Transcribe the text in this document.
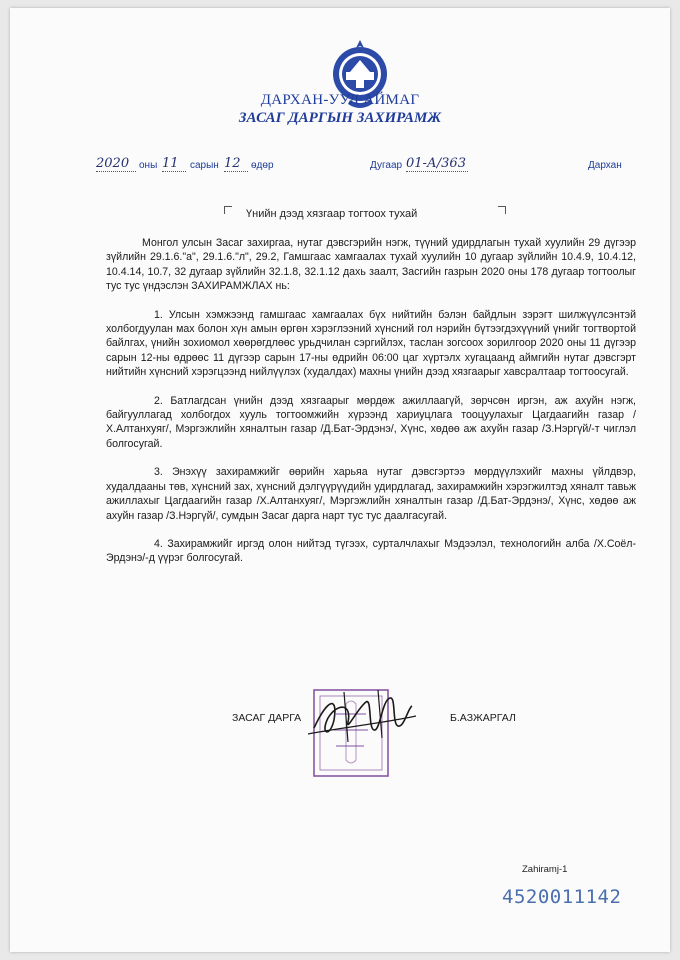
ДАРХАН-УУЛ АЙМАГ
ЗАСАГ ДАРГЫН ЗАХИРАМЖ
2020 оны 11	сарын 12	өдөр	Дугаар 01-А/363	Дархан
Үнийн дээд хязгаар тогтоох тухай

Монгол улсын Засаг захиргаа, нутаг дэвсгэрийн нэгж, түүний удирдлагын тухай хуулийн 29 дүгээр зүйлийн 29.1.6."а", 29.1.6."л", 29.2, Гамшгаас хамгаалах тухай хуулийн 10 дугаар зүйлийн 10.4.9, 10.4.12, 10.4.14, 10.7, 32 дугаар зүйлийн 32.1.8, 32.1.12 дахь заалт, Засгийн газрын 2020 оны 178 дугаар тогтоолыг тус тус үндэслэн ЗАХИРАМЖЛАХ нь:

1. Улсын хэмжээнд гамшгаас хамгаалах бүх нийтийн бэлэн байдлын зэрэгт шилжүүлсэнтэй холбогдуулан мах болон хүн амын өргөн хэрэглээний хүнсний гол нэрийн бүтээгдэхүүний үнийг тогтвортой байлгах, үнийн зохиомол хөөрөгдлөөс урьдчилан сэргийлэх, таслан зогсоох зорилгоор 2020 оны 11 дүгээр сарын 12-ны өдрөөс 11 дүгээр сарын 17-ны өдрийн 06:00 цаг хүртэлх хугацаанд аймгийн нутаг дэвсгэрт нийтийн хүнсний хэрэгцээнд нийлүүлэх (худалдах) махны үнийн дээд хязгаарыг хавсралтаар тогтоосугай.

2. Батлагдсан үнийн дээд хязгаарыг мөрдөж ажиллаагүй, зөрчсөн иргэн, аж ахуйн нэгж, байгууллагад холбогдох хууль тогтоомжийн хүрээнд хариуцлага тооцуулахыг Цагдаагийн газар /Х.Алтанхуяг/, Мэргэжлийн хяналтын газар /Д.Бат-Эрдэнэ/, Хүнс, хөдөө аж ахуйн газар /З.Нэргүй/-т чиглэл болгосугай.

3. Энэхүү захирамжийг өөрийн харьяа нутаг дэвсгэртээ мөрдүүлэхийг махны үйлдвэр, худалдааны төв, хүнсний зах, хүнсний дэлгүүрүүдийн удирдлагад, захирамжийн хэрэгжилтэд хяналт тавьж ажиллахыг Цагдаагийн газар /Х.Алтанхуяг/, Мэргэжлийн хяналтын газар /Д.Бат-Эрдэнэ/, Хүнс, хөдөө аж ахуйн газар /З.Нэргүй/, сумдын Засаг дарга нарт тус тус даалгасугай.

4. Захирамжийг иргэд олон нийтэд түгээх, сурталчлахыг Мэдээлэл, технологийн алба /Х.Соёл-Эрдэнэ/-д үүрэг болгосугай.

ЗАСАГ ДАРГА	Б.АЗЖАРГАЛ
Zahiramj-1
4520011142
